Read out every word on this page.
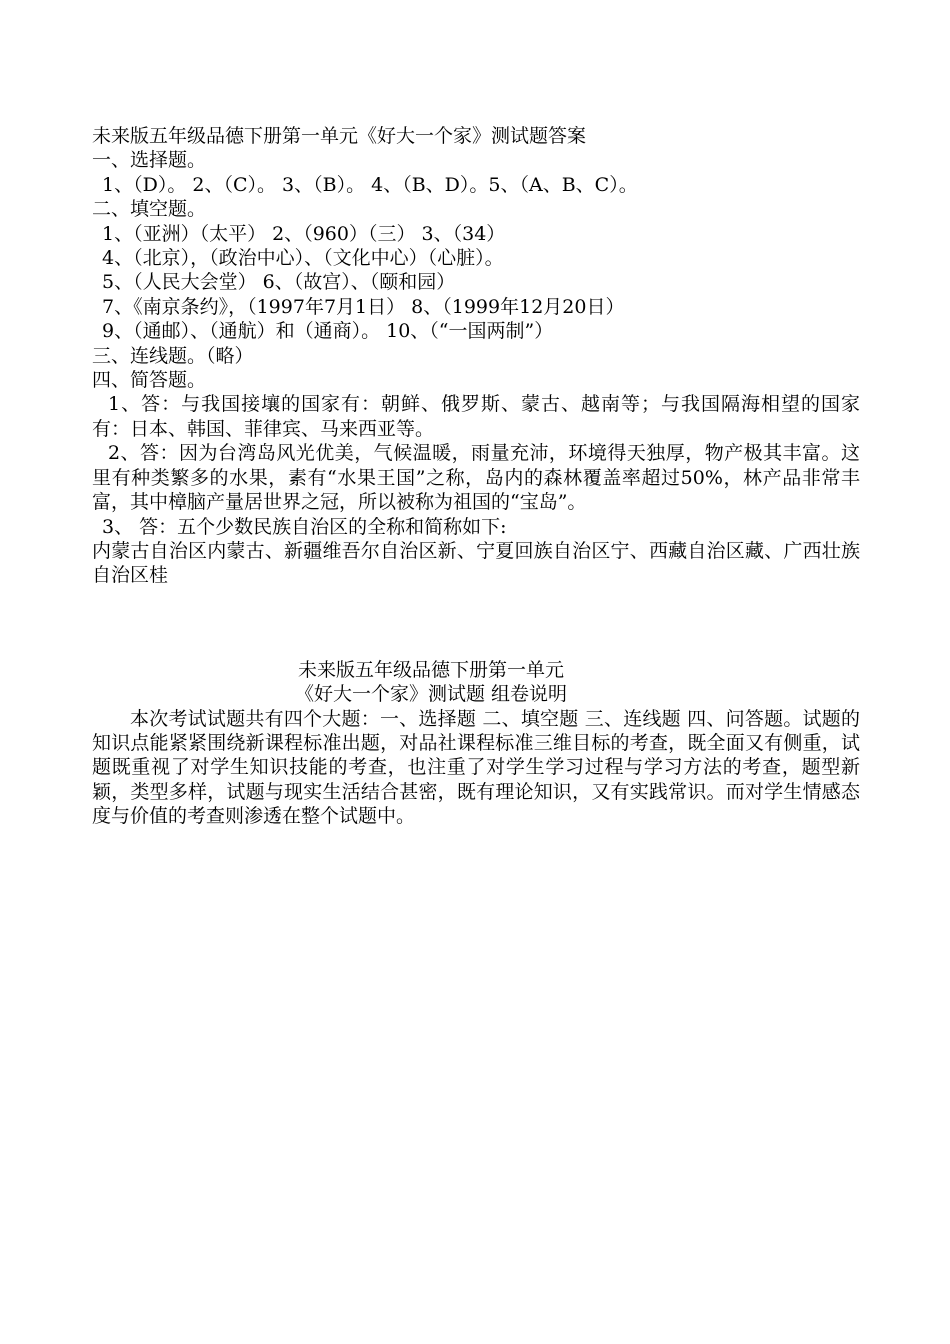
未来版五年级品德下册第一单元《好大一个家》测试题答案
一、选择题。
1、（D）。 2、（C）。 3、（B）。 4、（B、D）。5、（A、B、C）。
二、填空题。
1、（亚洲）（太平） 2、（960）（三） 3、（34）
4、（北京），（政治中心）、（文化中心）（心脏）。
5、（人民大会堂） 6、（故宫）、（颐和园）
7、《南京条约》，（1997年7月1日） 8、（1999年12月20日）
9、（通邮）、（通航）和（通商）。 10、（“一国两制”）
三、连线题。（略）
四、简答题。
1、答：与我国接壤的国家有：朝鲜、俄罗斯、蒙古、越南等；与我国隔海相望的国家有：日本、韩国、菲律宾、马来西亚等。
2、答：因为台湾岛风光优美，气候温暖，雨量充沛，环境得天独厚，物产极其丰富。这里有种类繁多的水果，素有“水果王国”之称，岛内的森林覆盖率超过50%，林产品非常丰富，其中樟脑产量居世界之冠，所以被称为祖国的“宝岛”。
3、 答：五个少数民族自治区的全称和简称如下:
内蒙古自治区内蒙古、新疆维吾尔自治区新、宁夏回族自治区宁、西藏自治区藏、广西壮族自治区桂
未来版五年级品德下册第一单元
《好大一个家》测试题 组卷说明
本次考试试题共有四个大题：一、选择题 二、填空题 三、连线题 四、问答题。试题的知识点能紧紧围绕新课程标准出题，对品社课程标准三维目标的考查，既全面又有侧重，试题既重视了对学生知识技能的考查，也注重了对学生学习过程与学习方法的考查，题型新颖，类型多样，试题与现实生活结合甚密，既有理论知识，又有实践常识。而对学生情感态度与价值的考查则渗透在整个试题中。
